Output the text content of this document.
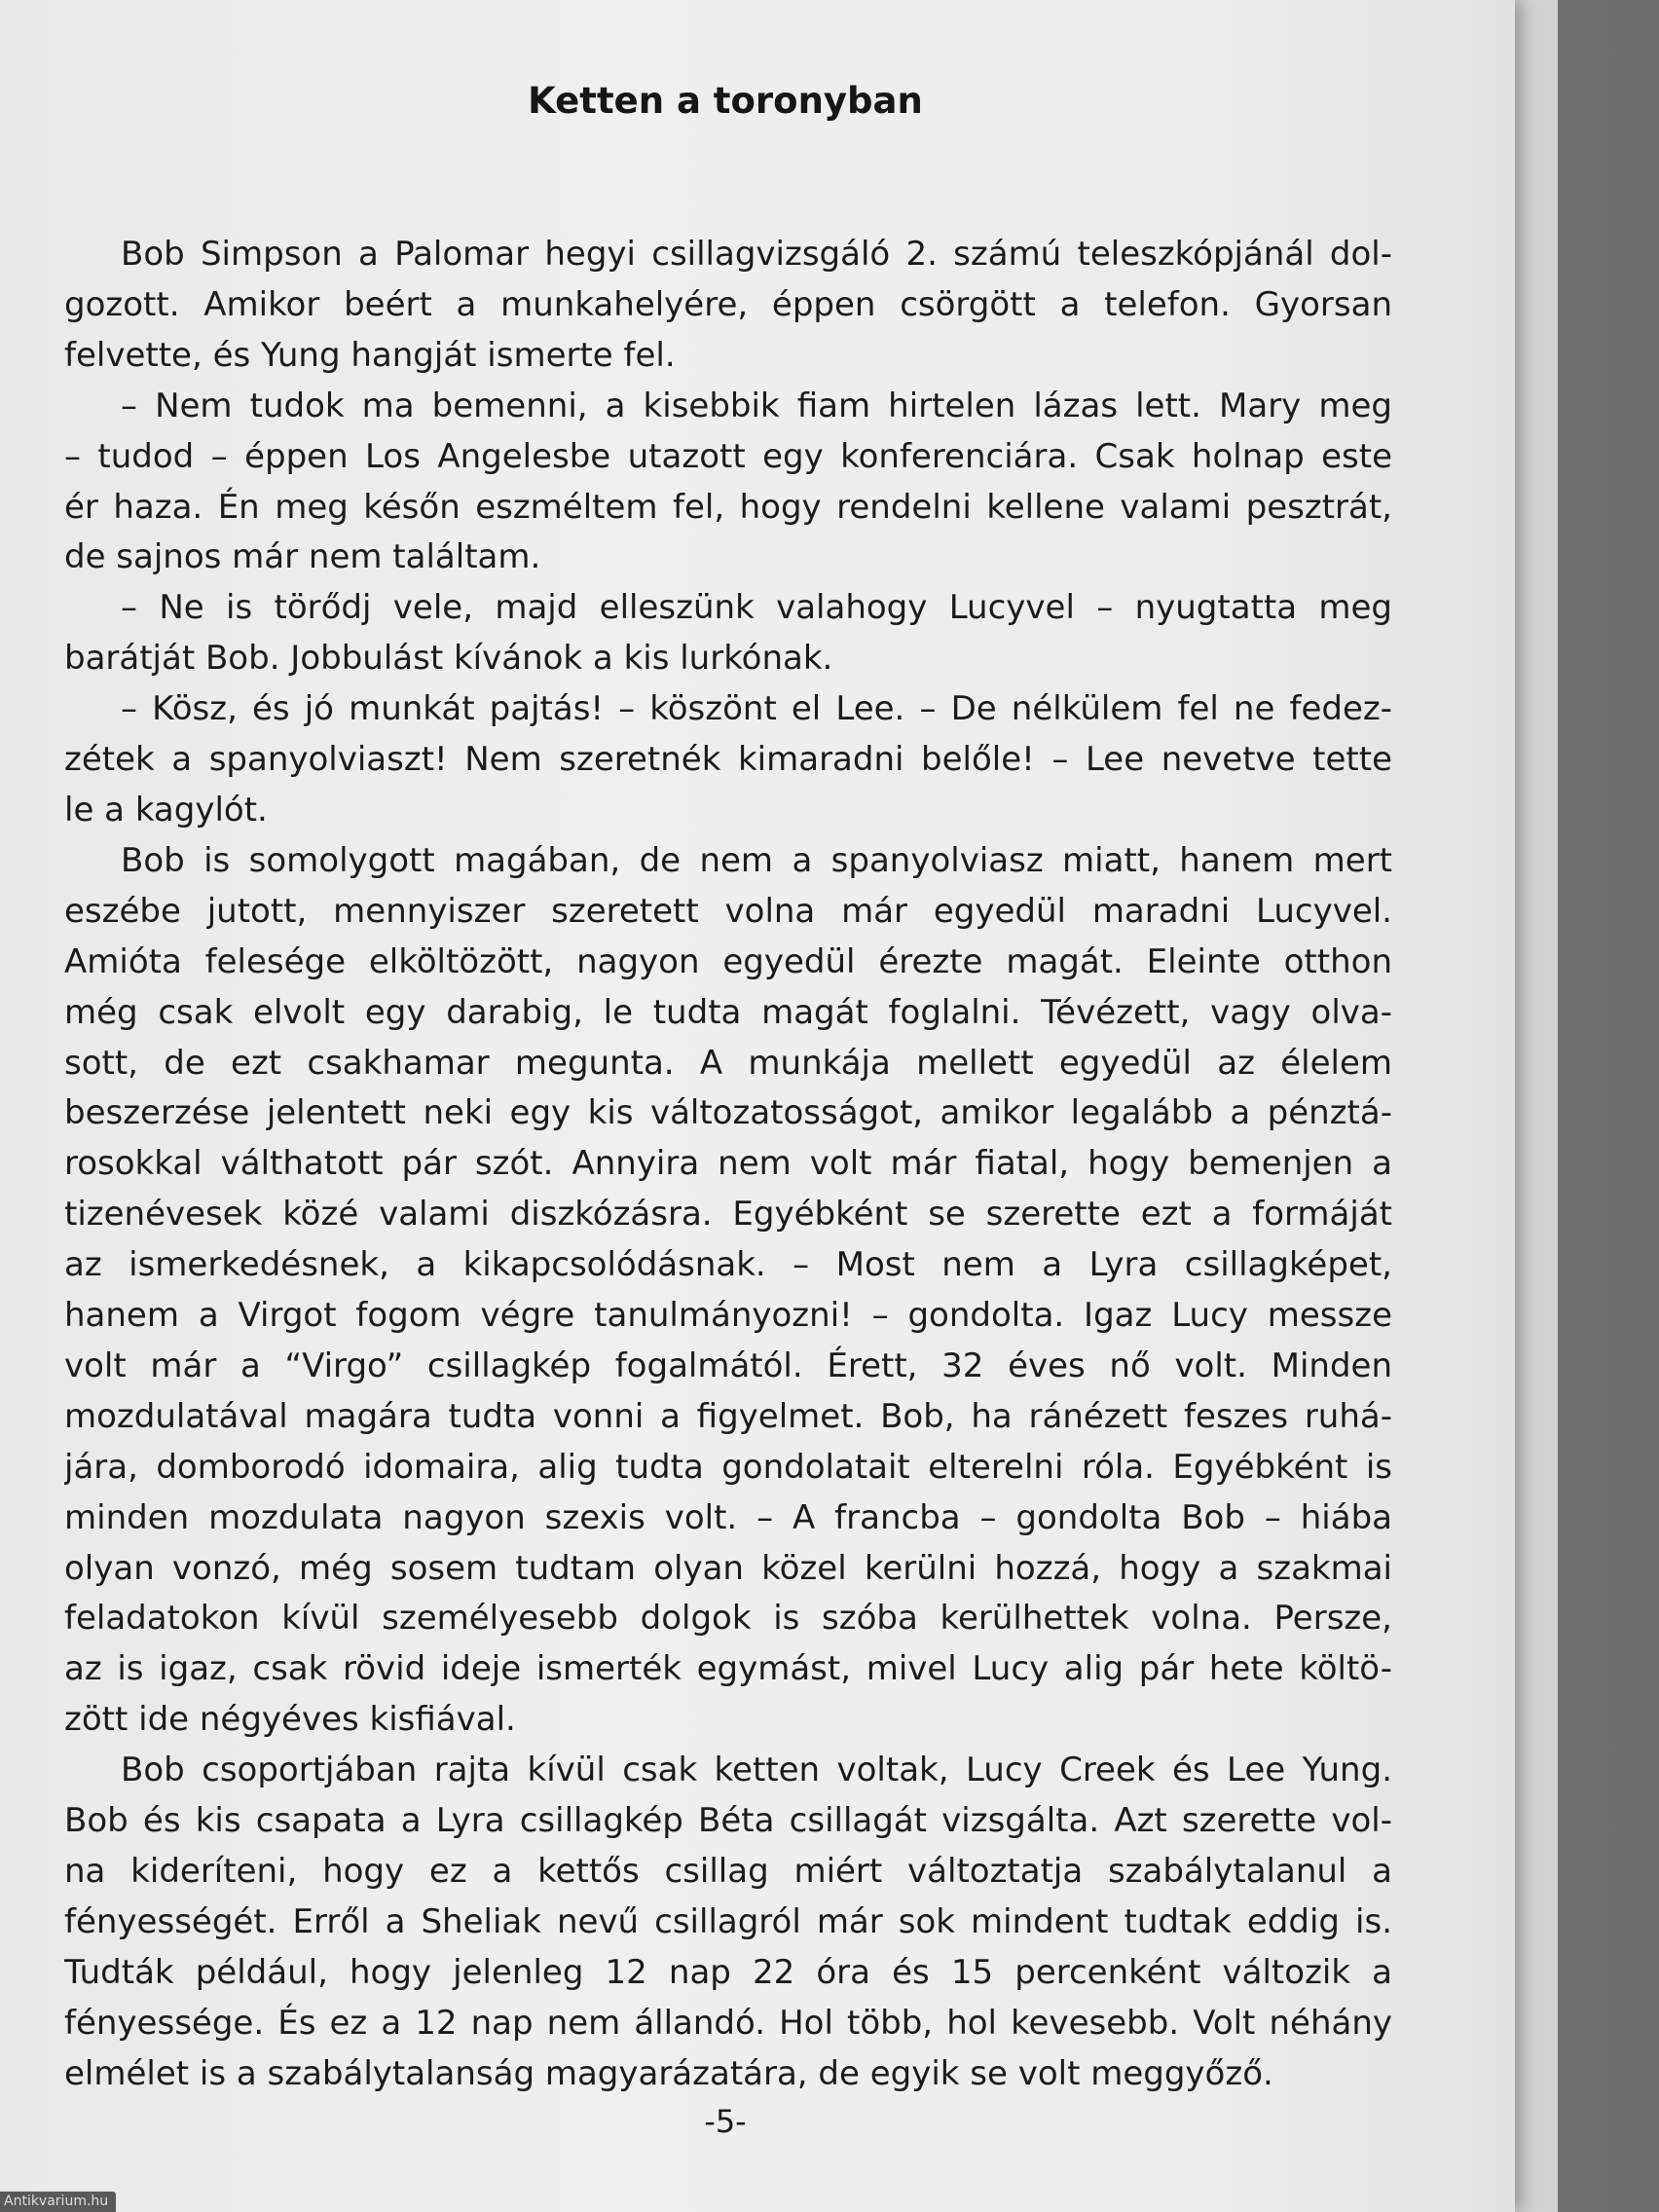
Ketten a toronyban
Bob Simpson a Palomar hegyi csillagvizsgáló 2. számú teleszkópjánál dol-
gozott. Amikor beért a munkahelyére, éppen csörgött a telefon. Gyorsan
felvette, és Yung hangját ismerte fel.
– Nem tudok ma bemenni, a kisebbik fiam hirtelen lázas lett. Mary meg
– tudod – éppen Los Angelesbe utazott egy konferenciára. Csak holnap este
ér haza. Én meg későn eszméltem fel, hogy rendelni kellene valami pesztrát,
de sajnos már nem találtam.
– Ne is törődj vele, majd elleszünk valahogy Lucyvel – nyugtatta meg
barátját Bob. Jobbulást kívánok a kis lurkónak.
– Kösz, és jó munkát pajtás! – köszönt el Lee. – De nélkülem fel ne fedez-
zétek a spanyolviaszt! Nem szeretnék kimaradni belőle! – Lee nevetve tette
le a kagylót.
Bob is somolygott magában, de nem a spanyolviasz miatt, hanem mert
eszébe jutott, mennyiszer szeretett volna már egyedül maradni Lucyvel.
Amióta felesége elköltözött, nagyon egyedül érezte magát. Eleinte otthon
még csak elvolt egy darabig, le tudta magát foglalni. Tévézett, vagy olva-
sott, de ezt csakhamar megunta. A munkája mellett egyedül az élelem
beszerzése jelentett neki egy kis változatosságot, amikor legalább a pénztá-
rosokkal válthatott pár szót. Annyira nem volt már fiatal, hogy bemenjen a
tizenévesek közé valami diszkózásra. Egyébként se szerette ezt a formáját
az ismerkedésnek, a kikapcsolódásnak. – Most nem a Lyra csillagképet,
hanem a Virgot fogom végre tanulmányozni! – gondolta. Igaz Lucy messze
volt már a “Virgo” csillagkép fogalmától. Érett, 32 éves nő volt. Minden
mozdulatával magára tudta vonni a figyelmet. Bob, ha ránézett feszes ruhá-
jára, domborodó idomaira, alig tudta gondolatait elterelni róla. Egyébként is
minden mozdulata nagyon szexis volt. – A francba – gondolta Bob – hiába
olyan vonzó, még sosem tudtam olyan közel kerülni hozzá, hogy a szakmai
feladatokon kívül személyesebb dolgok is szóba kerülhettek volna. Persze,
az is igaz, csak rövid ideje ismerték egymást, mivel Lucy alig pár hete költö-
zött ide négyéves kisfiával.
Bob csoportjában rajta kívül csak ketten voltak, Lucy Creek és Lee Yung.
Bob és kis csapata a Lyra csillagkép Béta csillagát vizsgálta. Azt szerette vol-
na kideríteni, hogy ez a kettős csillag miért változtatja szabálytalanul a
fényességét. Erről a Sheliak nevű csillagról már sok mindent tudtak eddig is.
Tudták például, hogy jelenleg 12 nap 22 óra és 15 percenként változik a
fényessége. És ez a 12 nap nem állandó. Hol több, hol kevesebb. Volt néhány
elmélet is a szabálytalanság magyarázatára, de egyik se volt meggyőző.
-5-
Antikvarium.hu
